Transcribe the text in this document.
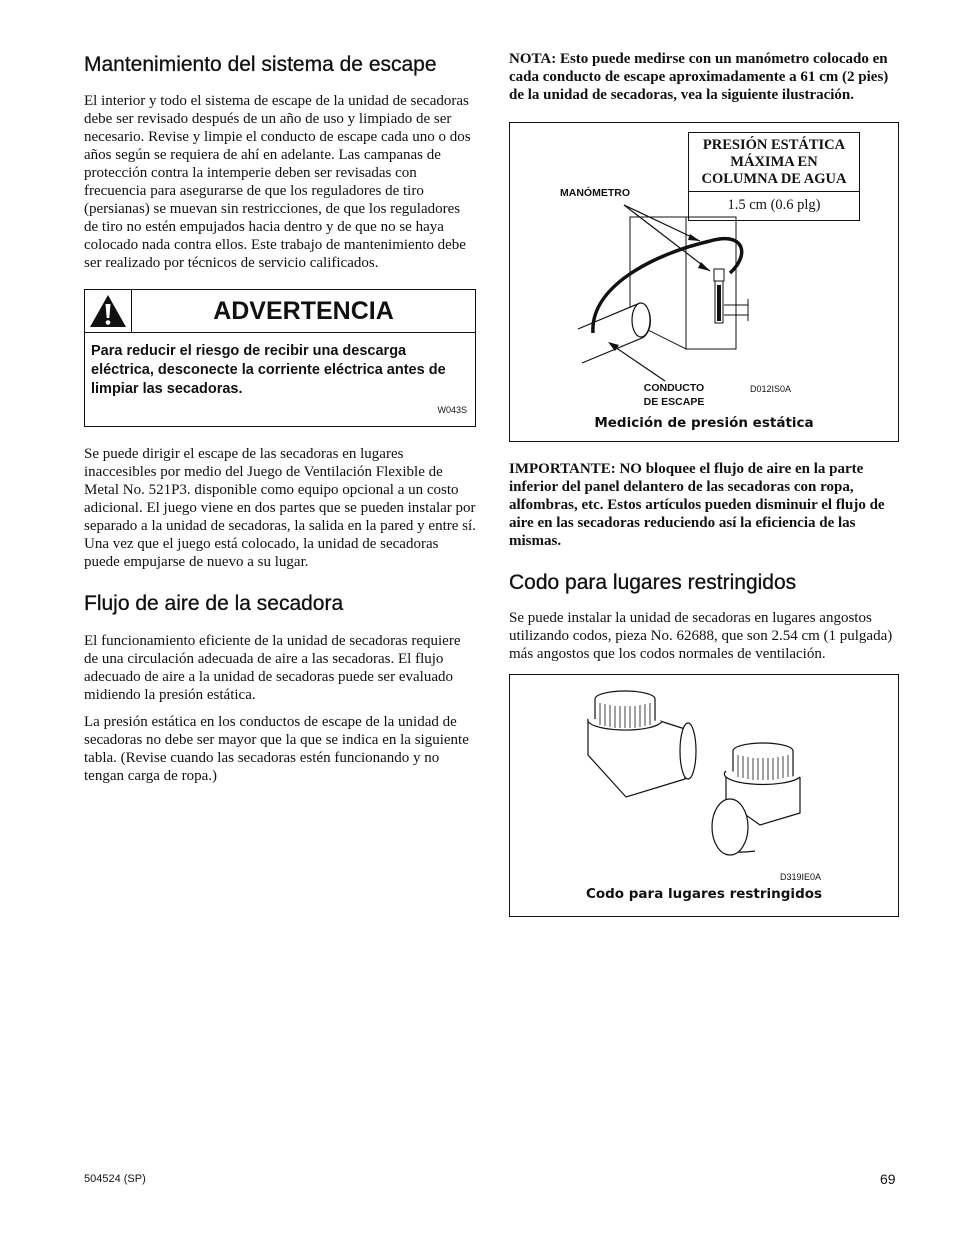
Mantenimiento del sistema de escape

El interior y todo el sistema de escape de la unidad de secadoras debe ser revisado después de un año de uso y limpiado de ser necesario. Revise y limpie el conducto de escape cada uno o dos años según se requiera de ahí en adelante. Las campanas de protección contra la intemperie deben ser revisadas con frecuencia para asegurarse de que los reguladores de tiro (persianas) se muevan sin restricciones, de que los reguladores de tiro no estén empujados hacia dentro y de que no se haya colocado nada contra ellos. Este trabajo de mantenimiento debe ser realizado por técnicos de servicio calificados.

ADVERTENCIA
Para reducir el riesgo de recibir una descarga eléctrica, desconecte la corriente eléctrica antes de limpiar las secadoras.
W043S

Se puede dirigir el escape de las secadoras en lugares inaccesibles por medio del Juego de Ventilación Flexible de Metal No. 521P3. disponible como equipo opcional a un costo adicional. El juego viene en dos partes que se pueden instalar por separado a la unidad de secadoras, la salida en la pared y entre sí. Una vez que el juego está colocado, la unidad de secadoras puede empujarse de nuevo a su lugar.

Flujo de aire de la secadora

El funcionamiento eficiente de la unidad de secadoras requiere de una circulación adecuada de aire a las secadoras. El flujo adecuado de aire a la unidad de secadoras puede ser evaluado midiendo la presión estática.

La presión estática en los conductos de escape de la unidad de secadoras no debe ser mayor que la que se indica en la siguiente tabla. (Revise cuando las secadoras estén funcionando y no tengan carga de ropa.)

NOTA: Esto puede medirse con un manómetro colocado en cada conducto de escape aproximadamente a 61 cm (2 pies) de la unidad de secadoras, vea la siguiente ilustración.

PRESIÓN ESTÁTICA MÁXIMA EN COLUMNA DE AGUA
1.5 cm (0.6 plg)
MANÓMETRO
CONDUCTO
DE ESCAPE
D012IS0A
Medición de presión estática

IMPORTANTE: NO bloquee el flujo de aire en la parte inferior del panel delantero de las secadoras con ropa, alfombras, etc. Estos artículos pueden disminuir el flujo de aire en las secadoras reduciendo así la eficiencia de las mismas.

Codo para lugares restringidos

Se puede instalar la unidad de secadoras en lugares angostos utilizando codos, pieza No. 62688, que son 2.54 cm (1 pulgada) más angostos que los codos normales de ventilación.

D319IE0A
Codo para lugares restringidos
504524 (SP)	69
